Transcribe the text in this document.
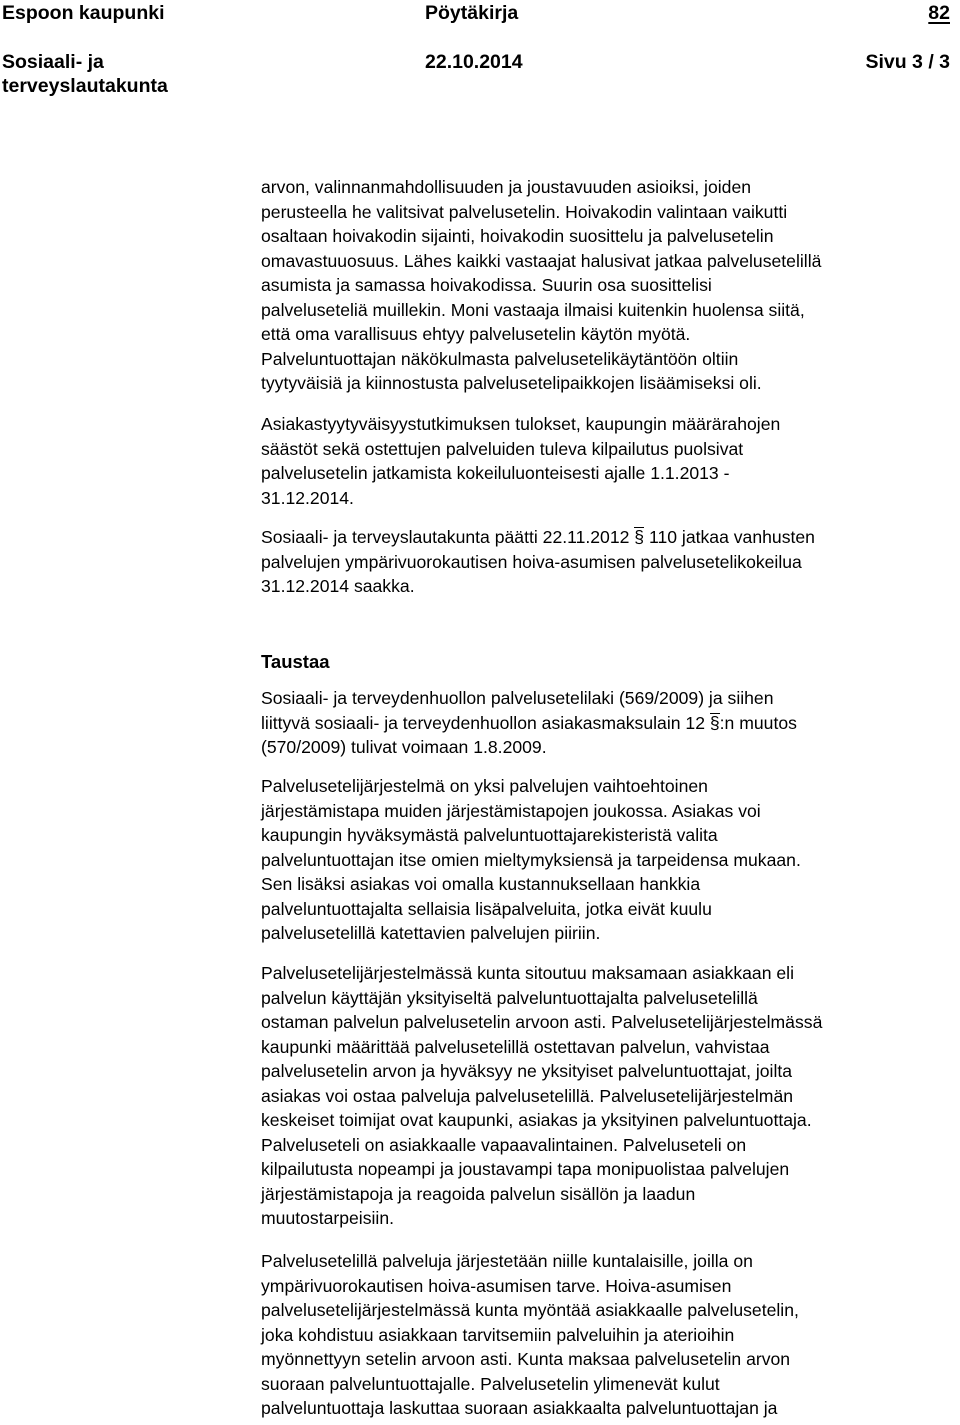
Espoon kaupunki	Pöytäkirja	82
Sosiaali- ja terveyslautakunta
22.10.2014	Sivu 3 / 3
arvon, valinnanmahdollisuuden ja joustavuuden asioiksi, joiden
perusteella he valitsivat palvelusetelin. Hoivakodin valintaan vaikutti
osaltaan hoivakodin sijainti, hoivakodin suosittelu ja palvelusetelin
omavastuuosuus. Lähes kaikki vastaajat halusivat jatkaa palvelusetelillä
asumista ja samassa hoivakodissa. Suurin osa suosittelisi
palveluseteliä muillekin. Moni vastaaja ilmaisi kuitenkin huolensa siitä,
että oma varallisuus ehtyy palvelusetelin käytön myötä.
Palveluntuottajan näkökulmasta palvelusetelikäytäntöön oltiin
tyytyväisiä ja kiinnostusta palvelusetelipaikkojen lisäämiseksi oli.
Asiakastyytyväisyystutkimuksen tulokset, kaupungin määrärahojen
säästöt sekä ostettujen palveluiden tuleva kilpailutus puolsivat
palvelusetelin jatkamista kokeiluluonteisesti ajalle 1.1.2013 -
31.12.2014.
Sosiaali- ja terveyslautakunta päätti 22.11.2012
§ 110 jatkaa vanhusten
palvelujen ympärivuorokautisen hoiva-asumisen palvelusetelikokeilua
31.12.2014 saakka.
Taustaa
Sosiaali- ja terveydenhuollon palvelusetelilaki (569/2009) ja siihen
liittyvä sosiaali- ja terveydenhuollon asiakasmaksulain 12
§:n muutos
(570/2009) tulivat voimaan 1.8.2009.
Palvelusetelijärjestelmä on yksi palvelujen vaihtoehtoinen
järjestämistapa muiden järjestämistapojen joukossa. Asiakas voi
kaupungin hyväksymästä palveluntuottajarekisteristä valita
palveluntuottajan itse omien mieltymyksiensä ja tarpeidensa mukaan.
Sen lisäksi asiakas voi omalla kustannuksellaan hankkia
palveluntuottajalta sellaisia lisäpalveluita, jotka eivät kuulu
palvelusetelillä katettavien palvelujen piiriin.
Palvelusetelijärjestelmässä kunta sitoutuu maksamaan asiakkaan eli
palvelun käyttäjän yksityiseltä palveluntuottajalta palvelusetelillä
ostaman palvelun palvelusetelin arvoon asti. Palvelusetelijärjestelmässä
kaupunki määrittää palvelusetelillä ostettavan palvelun, vahvistaa
palvelusetelin arvon ja hyväksyy ne yksityiset palveluntuottajat, joilta
asiakas voi ostaa palveluja palvelusetelillä. Palvelusetelijärjestelmän
keskeiset toimijat ovat kaupunki, asiakas ja yksityinen palveluntuottaja.
Palveluseteli on asiakkaalle vapaavalintainen. Palveluseteli on
kilpailutusta nopeampi ja joustavampi tapa monipuolistaa palvelujen
järjestämistapoja ja reagoida palvelun sisällön ja laadun
muutostarpeisiin.
Palvelusetelillä palveluja järjestetään niille kuntalaisille, joilla on
ympärivuorokautisen hoiva-asumisen tarve. Hoiva-asumisen
palvelusetelijärjestelmässä kunta myöntää asiakkaalle palvelusetelin,
joka kohdistuu asiakkaan tarvitsemiin palveluihin ja aterioihin
myönnettyyn setelin arvoon asti. Kunta maksaa palvelusetelin arvon
suoraan palveluntuottajalle. Palvelusetelin ylimenevät kulut
palveluntuottaja laskuttaa suoraan asiakkaalta palveluntuottajan ja
